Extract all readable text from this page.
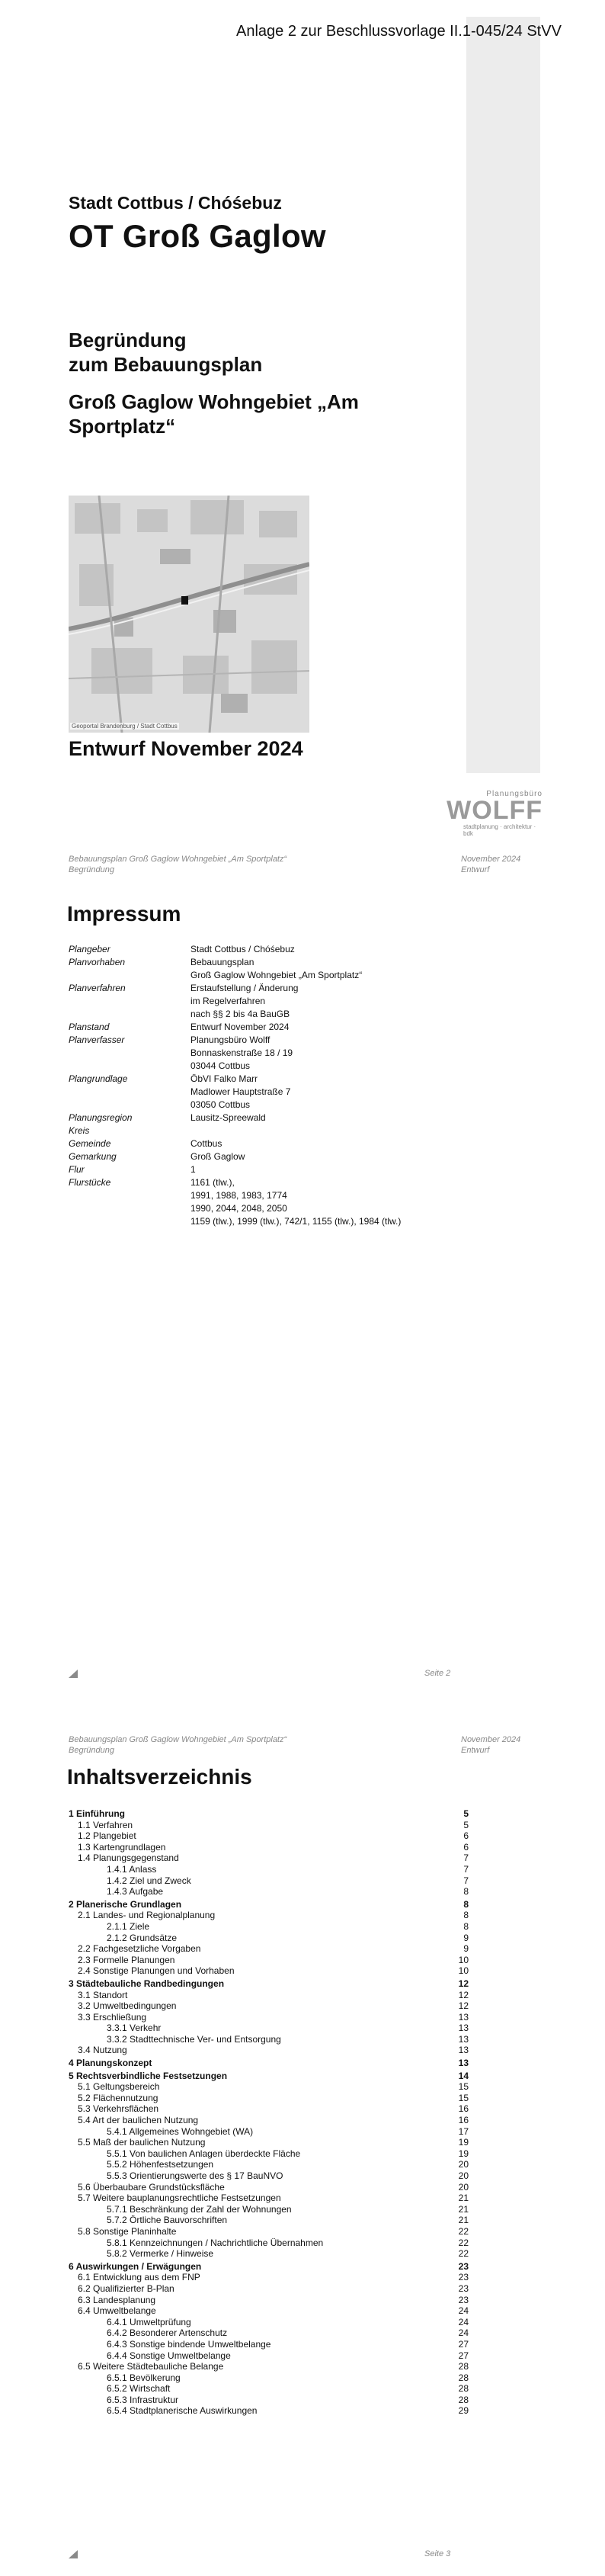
Anlage 2 zur Beschlussvorlage II.1-045/24 StVV
Stadt Cottbus / Chóśebuz
OT Groß Gaglow
Begründung
zum Bebauungsplan
Groß Gaglow Wohngebiet „Am Sportplatz“
Geoportal Brandenburg / Stadt Cottbus
Entwurf November 2024
Planungsbüro
WOLFF
stadtplanung · architektur · bdk
Bebauungsplan Groß Gaglow Wohngebiet „Am Sportplatz“
Begründung
November 2024
Entwurf
Impressum
Plangeber	Stadt Cottbus / Chóśebuz
Planvorhaben	Bebauungsplan
	Groß Gaglow Wohngebiet „Am Sportplatz“
Planverfahren	Erstaufstellung / Änderung
	im Regelverfahren
	nach §§ 2 bis 4a BauGB
Planstand	Entwurf November 2024
Planverfasser	Planungsbüro Wolff
	Bonnaskenstraße 18 / 19
	03044 Cottbus
Plangrundlage	ÖbVI Falko Marr
	Madlower Hauptstraße 7
	03050 Cottbus
Planungsregion	Lausitz-Spreewald
Kreis	
Gemeinde	Cottbus
Gemarkung	Groß Gaglow
Flur	1
Flurstücke	1161 (tlw.),
	1991, 1988, 1983, 1774
	1990, 2044, 2048, 2050
	1159 (tlw.), 1999 (tlw.), 742/1, 1155 (tlw.), 1984 (tlw.)
Seite 2
Bebauungsplan Groß Gaglow Wohngebiet „Am Sportplatz“
Begründung
November 2024
Entwurf
Inhaltsverzeichnis
1 Einführung	5
1.1 Verfahren	5
1.2 Plangebiet	6
1.3 Kartengrundlagen	6
1.4 Planungsgegenstand	7
1.4.1 Anlass	7
1.4.2 Ziel und Zweck	7
1.4.3 Aufgabe	8
2 Planerische Grundlagen	8
2.1 Landes- und Regionalplanung	8
2.1.1 Ziele	8
2.1.2 Grundsätze	9
2.2 Fachgesetzliche Vorgaben	9
2.3 Formelle Planungen	10
2.4 Sonstige Planungen und Vorhaben	10
3 Städtebauliche Randbedingungen	12
3.1 Standort	12
3.2 Umweltbedingungen	12
3.3 Erschließung	13
3.3.1 Verkehr	13
3.3.2 Stadttechnische Ver- und Entsorgung	13
3.4 Nutzung	13
4 Planungskonzept	13
5 Rechtsverbindliche Festsetzungen	14
5.1 Geltungsbereich	15
5.2 Flächennutzung	15
5.3 Verkehrsflächen	16
5.4 Art der baulichen Nutzung	16
5.4.1 Allgemeines Wohngebiet (WA)	17
5.5 Maß der baulichen Nutzung	19
5.5.1 Von baulichen Anlagen überdeckte Fläche	19
5.5.2 Höhenfestsetzungen	20
5.5.3 Orientierungswerte des § 17 BauNVO	20
5.6 Überbaubare Grundstücksfläche	20
5.7 Weitere bauplanungsrechtliche Festsetzungen	21
5.7.1 Beschränkung der Zahl der Wohnungen	21
5.7.2 Örtliche Bauvorschriften	21
5.8 Sonstige Planinhalte	22
5.8.1 Kennzeichnungen / Nachrichtliche Übernahmen	22
5.8.2 Vermerke / Hinweise	22
6 Auswirkungen / Erwägungen	23
6.1 Entwicklung aus dem FNP	23
6.2 Qualifizierter B-Plan	23
6.3 Landesplanung	23
6.4 Umweltbelange	24
6.4.1 Umweltprüfung	24
6.4.2 Besonderer Artenschutz	24
6.4.3 Sonstige bindende Umweltbelange	27
6.4.4 Sonstige Umweltbelange	27
6.5 Weitere Städtebauliche Belange	28
6.5.1 Bevölkerung	28
6.5.2 Wirtschaft	28
6.5.3 Infrastruktur	28
6.5.4 Stadtplanerische Auswirkungen	29
Seite 3
